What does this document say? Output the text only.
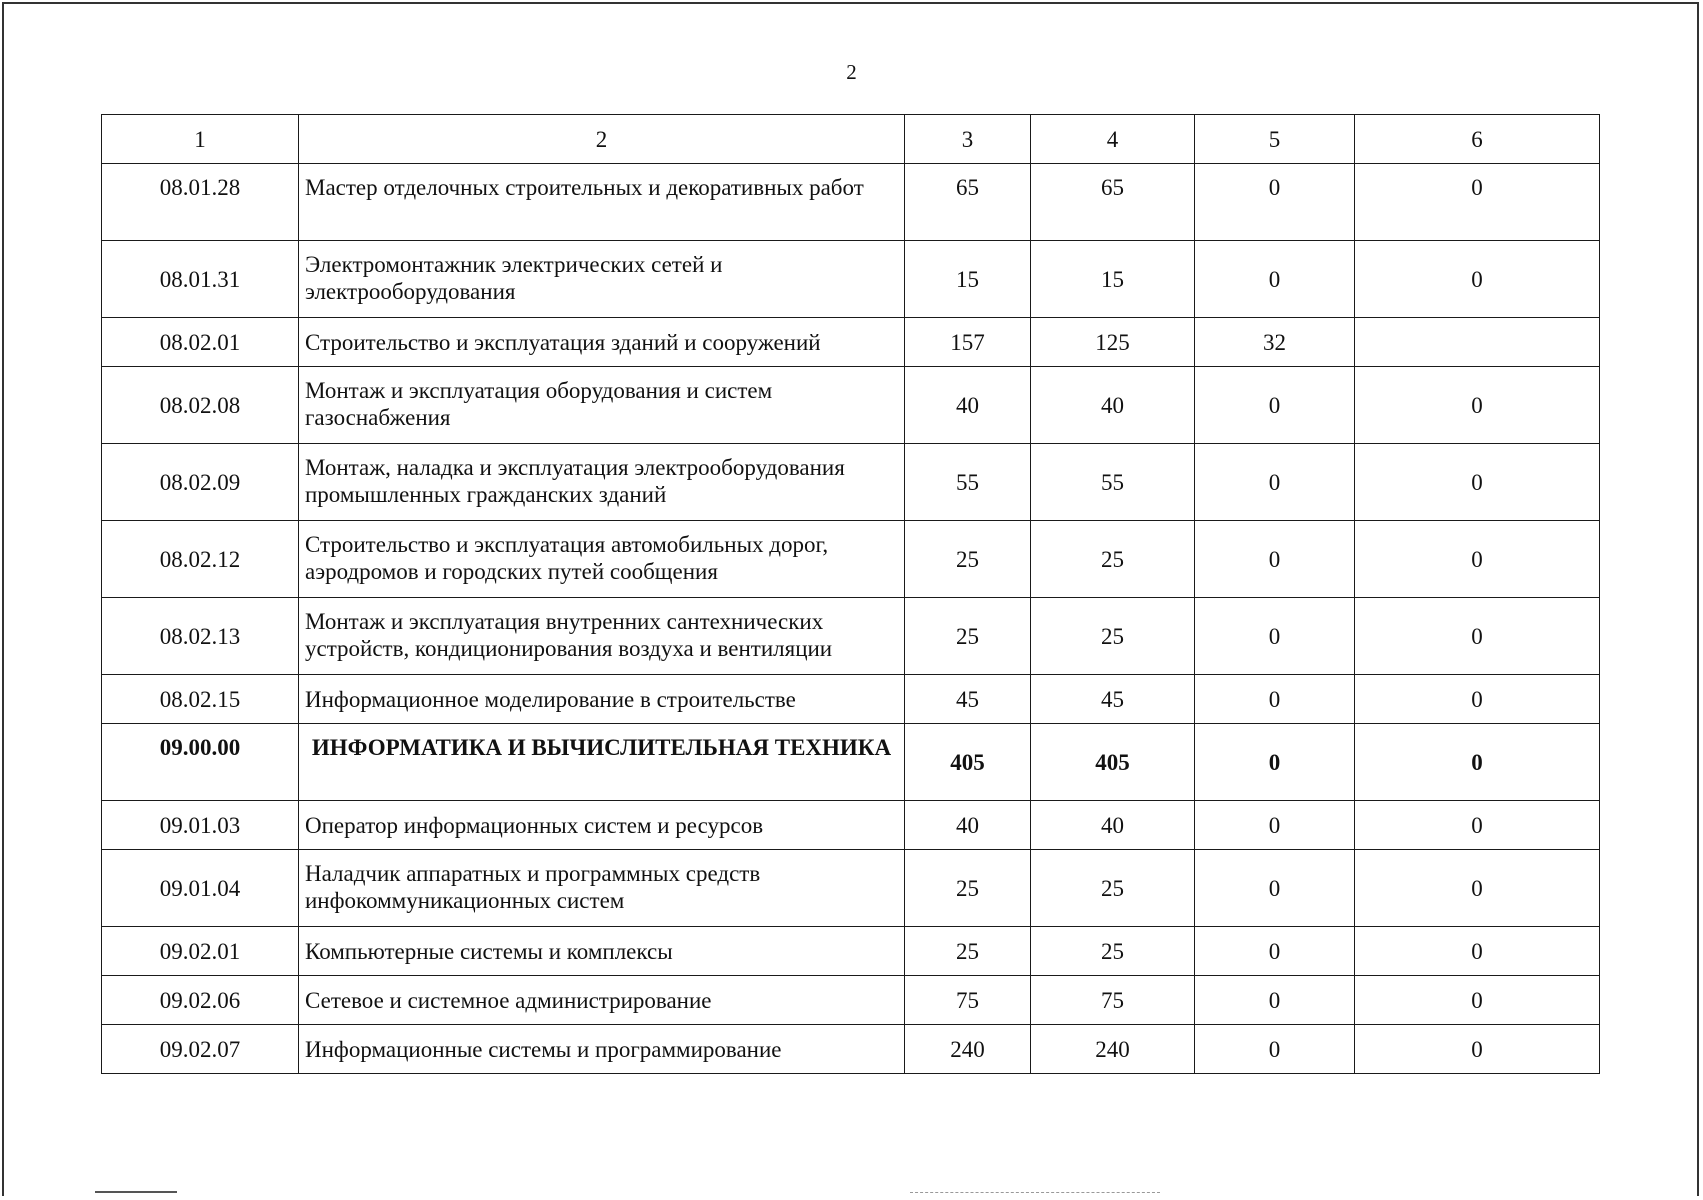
2
1	2	3	4	5	6
08.01.28	Мастер отделочных строительных и декоративных работ	65	65	0	0
08.01.31	Электромонтажник электрических сетей и электрооборудования	15	15	0	0
08.02.01	Строительство и эксплуатация зданий и сооружений	157	125	32	
08.02.08	Монтаж и эксплуатация оборудования и систем газоснабжения	40	40	0	0
08.02.09	Монтаж, наладка и эксплуатация электрооборудования промышленных гражданских зданий	55	55	0	0
08.02.12	Строительство и эксплуатация автомобильных дорог, аэродромов и городских путей сообщения	25	25	0	0
08.02.13	Монтаж и эксплуатация внутренних сантехнических устройств, кондиционирования воздуха и вентиляции	25	25	0	0
08.02.15	Информационное моделирование в строительстве	45	45	0	0
09.00.00	ИНФОРМАТИКА И ВЫЧИСЛИТЕЛЬНАЯ ТЕХНИКА	405	405	0	0
09.01.03	Оператор информационных систем и ресурсов	40	40	0	0
09.01.04	Наладчик аппаратных и программных средств инфокоммуникационных систем	25	25	0	0
09.02.01	Компьютерные системы и комплексы	25	25	0	0
09.02.06	Сетевое и системное администрирование	75	75	0	0
09.02.07	Информационные системы и программирование	240	240	0	0
